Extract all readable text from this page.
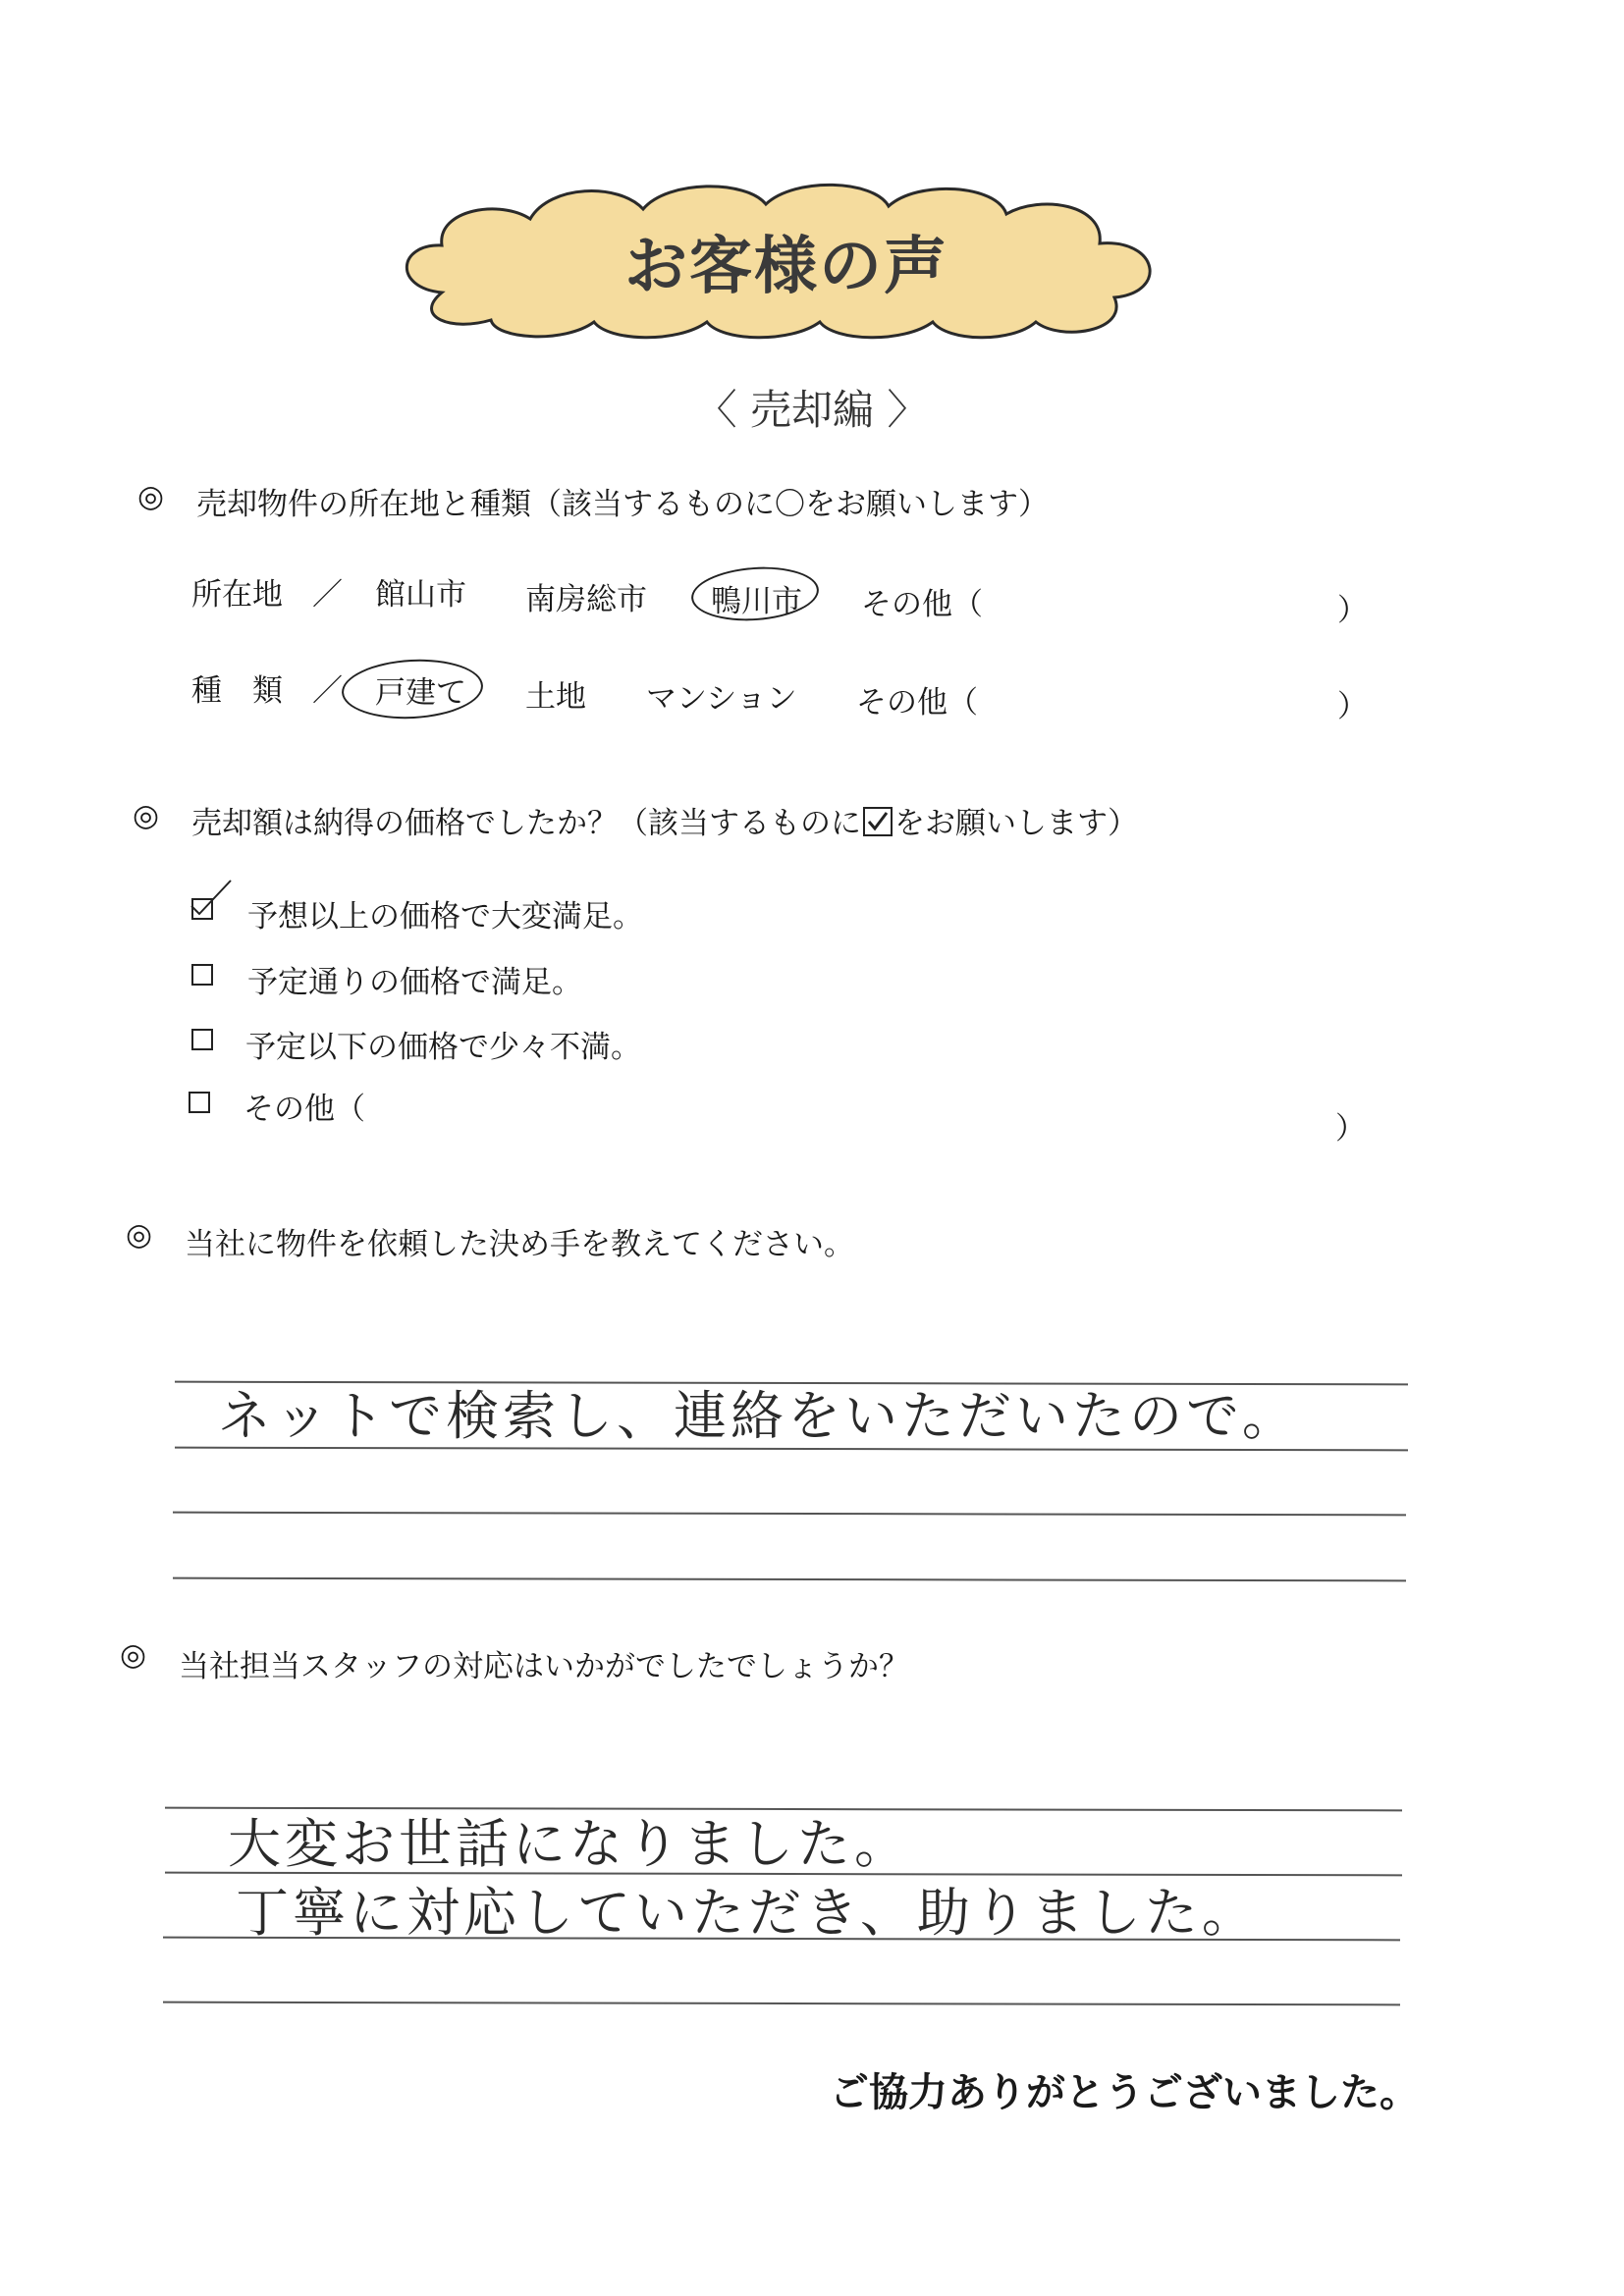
お客様の声
〈 売却編 〉
◎ 売却物件の所在地と種類（該当するものに〇をお願いします）
所在地 ／ 館山市 南房総市 鴨川市 その他（	）
種　類 ／ 戸建て 土地 マンション その他（	）
◎ 売却額は納得の価格でしたか？（該当するものに をお願いします）
予想以上の価格で大変満足。
予定通りの価格で満足。
予定以下の価格で少々不満。
その他（
）
◎ 当社に物件を依頼した決め手を教えてください。
ネットで検索し、連絡をいただいたので。
◎ 当社担当スタッフの対応はいかがでしたでしょうか？
大変お世話になりました。
丁寧に対応していただき、助りました。
ご協力ありがとうございました。
